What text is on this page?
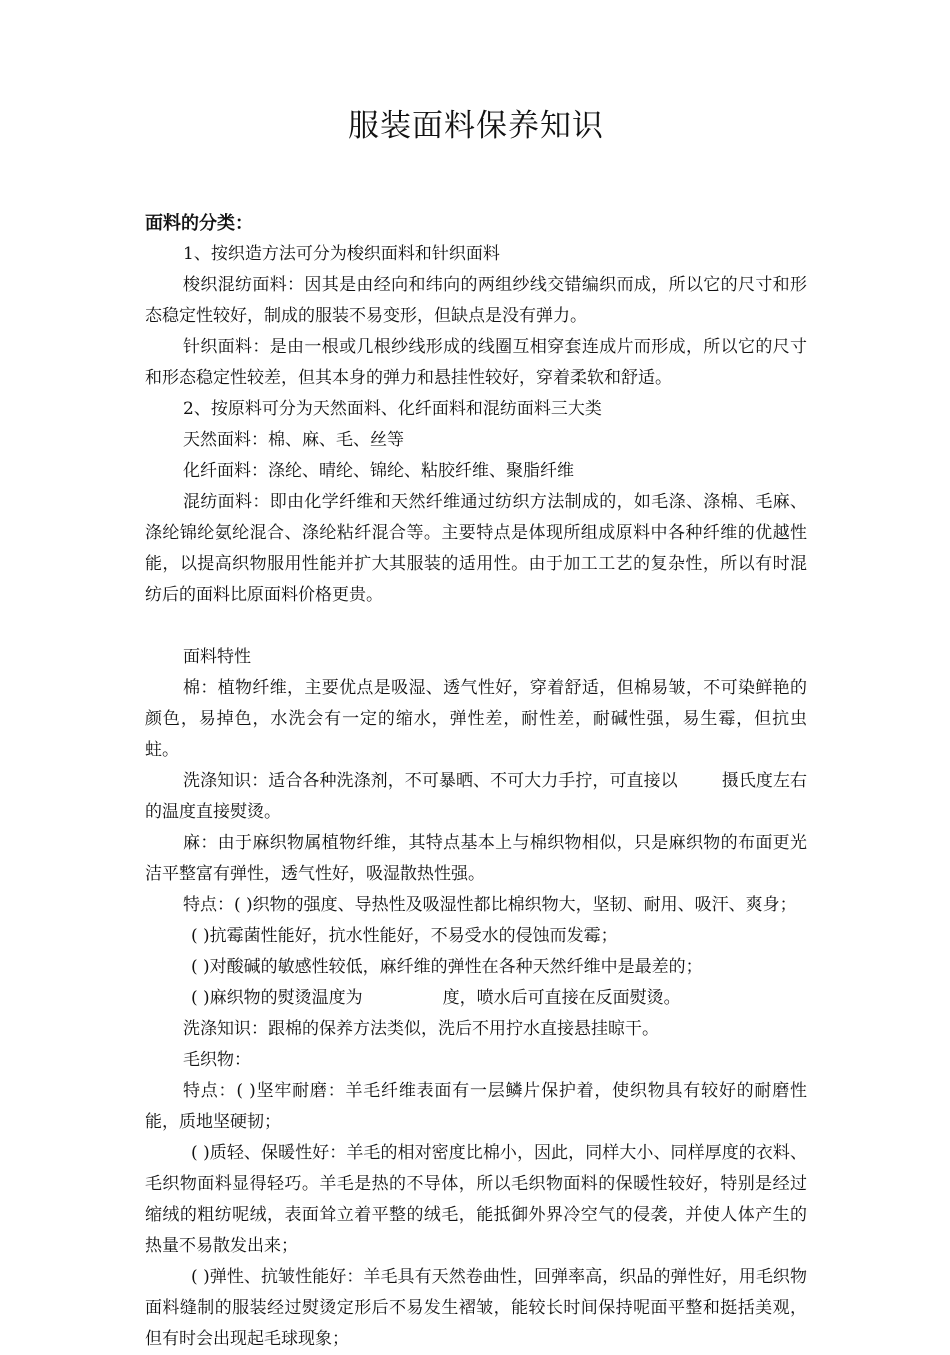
服装面料保养知识
面料的分类：

1、按织造方法可分为梭织面料和针织面料

梭织混纺面料：因其是由经向和纬向的两组纱线交错编织而成，所以它的尺寸和形态稳定性较好，制成的服装不易变形，但缺点是没有弹力。

针织面料：是由一根或几根纱线形成的线圈互相穿套连成片而形成，所以它的尺寸和形态稳定性较差，但其本身的弹力和悬挂性较好，穿着柔软和舒适。

2、按原料可分为天然面料、化纤面料和混纺面料三大类

天然面料：棉、麻、毛、丝等

化纤面料：涤纶、晴纶、锦纶、粘胶纤维、聚脂纤维

混纺面料：即由化学纤维和天然纤维通过纺织方法制成的，如毛涤、涤棉、毛麻、涤纶锦纶氨纶混合、涤纶粘纤混合等。主要特点是体现所组成原料中各种纤维的优越性能，以提高织物服用性能并扩大其服装的适用性。由于加工工艺的复杂性，所以有时混纺后的面料比原面料价格更贵。

面料特性

棉：植物纤维，主要优点是吸湿、透气性好，穿着舒适，但棉易皱，不可染鲜艳的颜色，易掉色，水洗会有一定的缩水，弹性差，耐性差，耐碱性强，易生霉，但抗虫蛀。

洗涤知识：适合各种洗涤剂，不可暴晒、不可大力手拧，可直接以	摄氏度左右的温度直接熨烫。

麻：由于麻织物属植物纤维，其特点基本上与棉织物相似，只是麻织物的布面更光洁平整富有弹性，透气性好，吸湿散热性强。

特点：( )织物的强度、导热性及吸湿性都比棉织物大，坚韧、耐用、吸汗、爽身；

( )抗霉菌性能好，抗水性能好，不易受水的侵蚀而发霉；

( )对酸碱的敏感性较低，麻纤维的弹性在各种天然纤维中是最差的；

( )麻织物的熨烫温度为	度，喷水后可直接在反面熨烫。

洗涤知识：跟棉的保养方法类似，洗后不用拧水直接悬挂晾干。

毛织物：

特点：( )坚牢耐磨：羊毛纤维表面有一层鳞片保护着，使织物具有较好的耐磨性能，质地坚硬韧；

( )质轻、保暖性好：羊毛的相对密度比棉小，因此，同样大小、同样厚度的衣料、毛织物面料显得轻巧。羊毛是热的不导体，所以毛织物面料的保暖性较好，特别是经过缩绒的粗纺呢绒，表面耸立着平整的绒毛，能抵御外界冷空气的侵袭，并使人体产生的热量不易散发出来；

( )弹性、抗皱性能好：羊毛具有天然卷曲性，回弹率高，织品的弹性好，用毛织物面料缝制的服装经过熨烫定形后不易发生褶皱，能较长时间保持呢面平整和挺括美观，但有时会出现起毛球现象；
